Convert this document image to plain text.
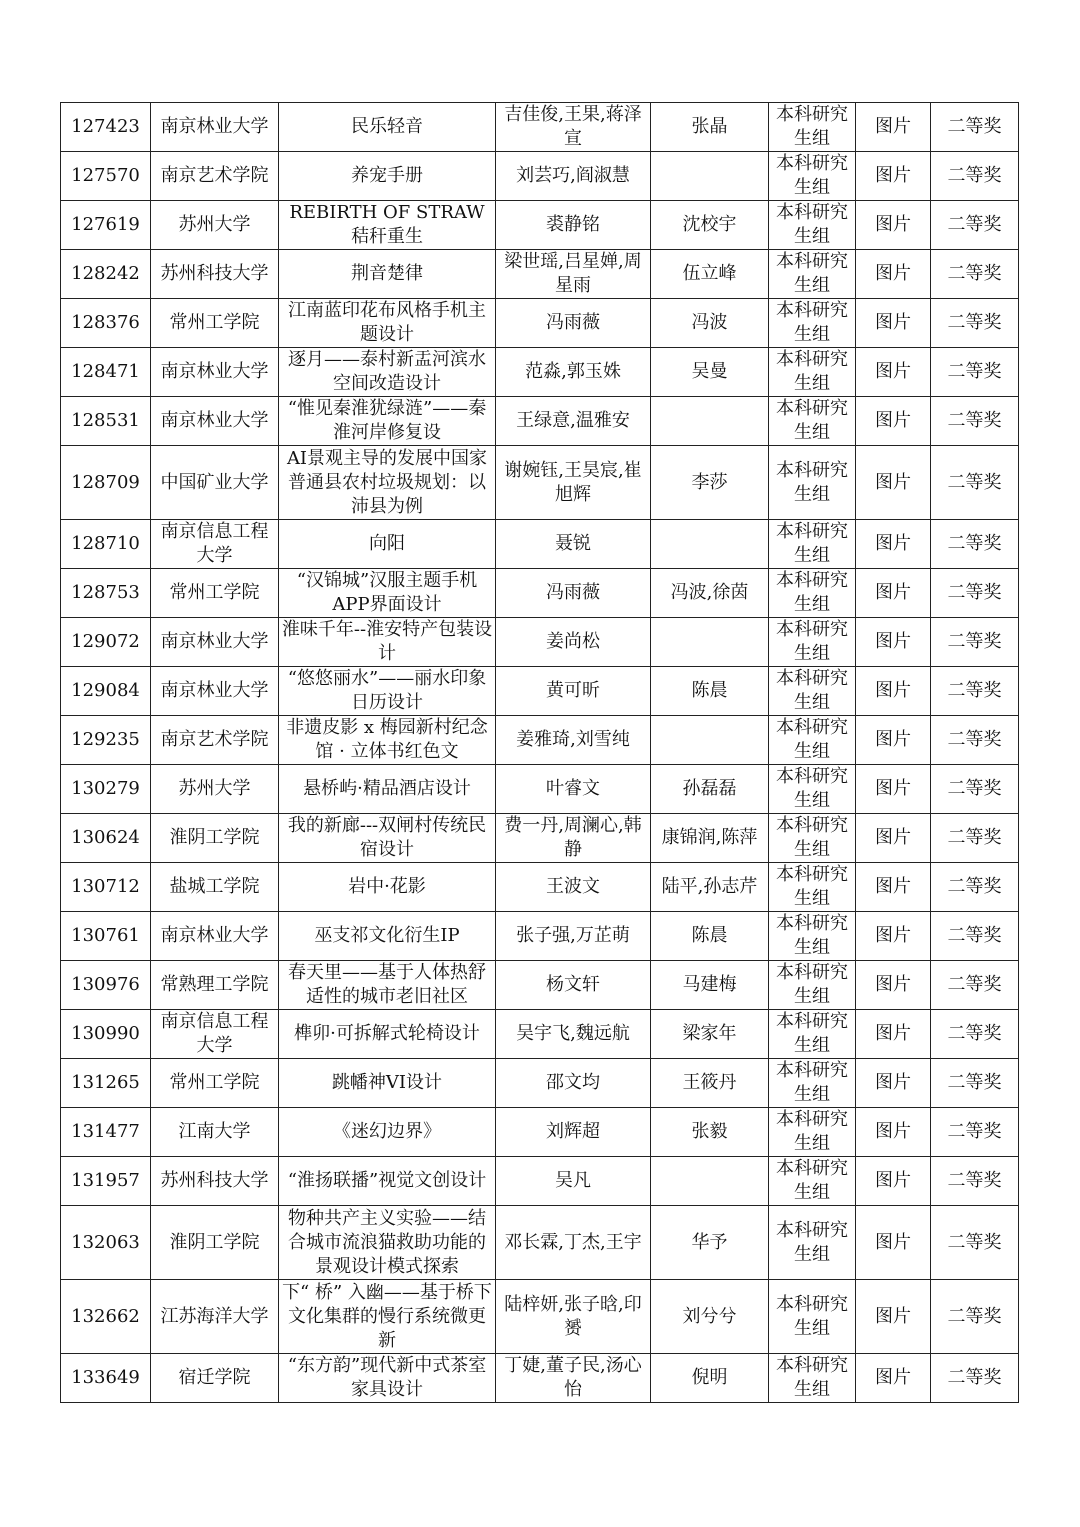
127423	南京林业大学	民乐轻音	吉佳俊,王果,蒋泽宣	张晶	本科研究生组	图片	二等奖
127570	南京艺术学院	养宠手册	刘芸巧,阎淑慧		本科研究生组	图片	二等奖
127619	苏州大学	REBIRTH OF STRAW 秸秆重生	裘静铭	沈校宇	本科研究生组	图片	二等奖
128242	苏州科技大学	荆音楚律	梁世瑶,吕星婵,周星雨	伍立峰	本科研究生组	图片	二等奖
128376	常州工学院	江南蓝印花布风格手机主题设计	冯雨薇	冯波	本科研究生组	图片	二等奖
128471	南京林业大学	逐月——泰村新盂河滨水空间改造设计	范淼,郭玉姝	吴曼	本科研究生组	图片	二等奖
128531	南京林业大学	“惟见秦淮犹绿涟”——秦淮河岸修复设	王绿意,温雅安		本科研究生组	图片	二等奖
128709	中国矿业大学	AI景观主导的发展中国家普通县农村垃圾规划：以沛县为例	谢婉钰,王昊宸,崔旭辉	李莎	本科研究生组	图片	二等奖
128710	南京信息工程大学	向阳	聂锐		本科研究生组	图片	二等奖
128753	常州工学院	“汉锦城”汉服主题手机APP界面设计	冯雨薇	冯波,徐茵	本科研究生组	图片	二等奖
129072	南京林业大学	淮味千年--淮安特产包装设计	姜尚松		本科研究生组	图片	二等奖
129084	南京林业大学	“悠悠丽水”——丽水印象日历设计	黄可昕	陈晨	本科研究生组	图片	二等奖
129235	南京艺术学院	非遗皮影 x 梅园新村纪念馆 · 立体书红色文	姜雅琦,刘雪纯		本科研究生组	图片	二等奖
130279	苏州大学	悬桥屿·精品酒店设计	叶睿文	孙磊磊	本科研究生组	图片	二等奖
130624	淮阴工学院	我的新廊---双闸村传统民宿设计	费一丹,周澜心,韩静	康锦润,陈萍	本科研究生组	图片	二等奖
130712	盐城工学院	岩中·花影	王波文	陆平,孙志芹	本科研究生组	图片	二等奖
130761	南京林业大学	巫支祁文化衍生IP	张子强,万芷萌	陈晨	本科研究生组	图片	二等奖
130976	常熟理工学院	春天里——基于人体热舒适性的城市老旧社区	杨文轩	马建梅	本科研究生组	图片	二等奖
130990	南京信息工程大学	榫卯·可拆解式轮椅设计	吴宇飞,魏远航	梁家年	本科研究生组	图片	二等奖
131265	常州工学院	跳幡神VI设计	邵文均	王筱丹	本科研究生组	图片	二等奖
131477	江南大学	《迷幻边界》	刘辉超	张毅	本科研究生组	图片	二等奖
131957	苏州科技大学	“淮扬联播”视觉文创设计	吴凡		本科研究生组	图片	二等奖
132063	淮阴工学院	物种共产主义实验——结合城市流浪猫救助功能的景观设计模式探索	邓长霖,丁杰,王宇	华予	本科研究生组	图片	二等奖
132662	江苏海洋大学	下“ 桥” 入幽——基于桥下文化集群的慢行系统微更新	陆梓妍,张子晗,印赟	刘兮兮	本科研究生组	图片	二等奖
133649	宿迁学院	“东方韵”现代新中式茶室家具设计	丁婕,董子民,汤心怡	倪明	本科研究生组	图片	二等奖
